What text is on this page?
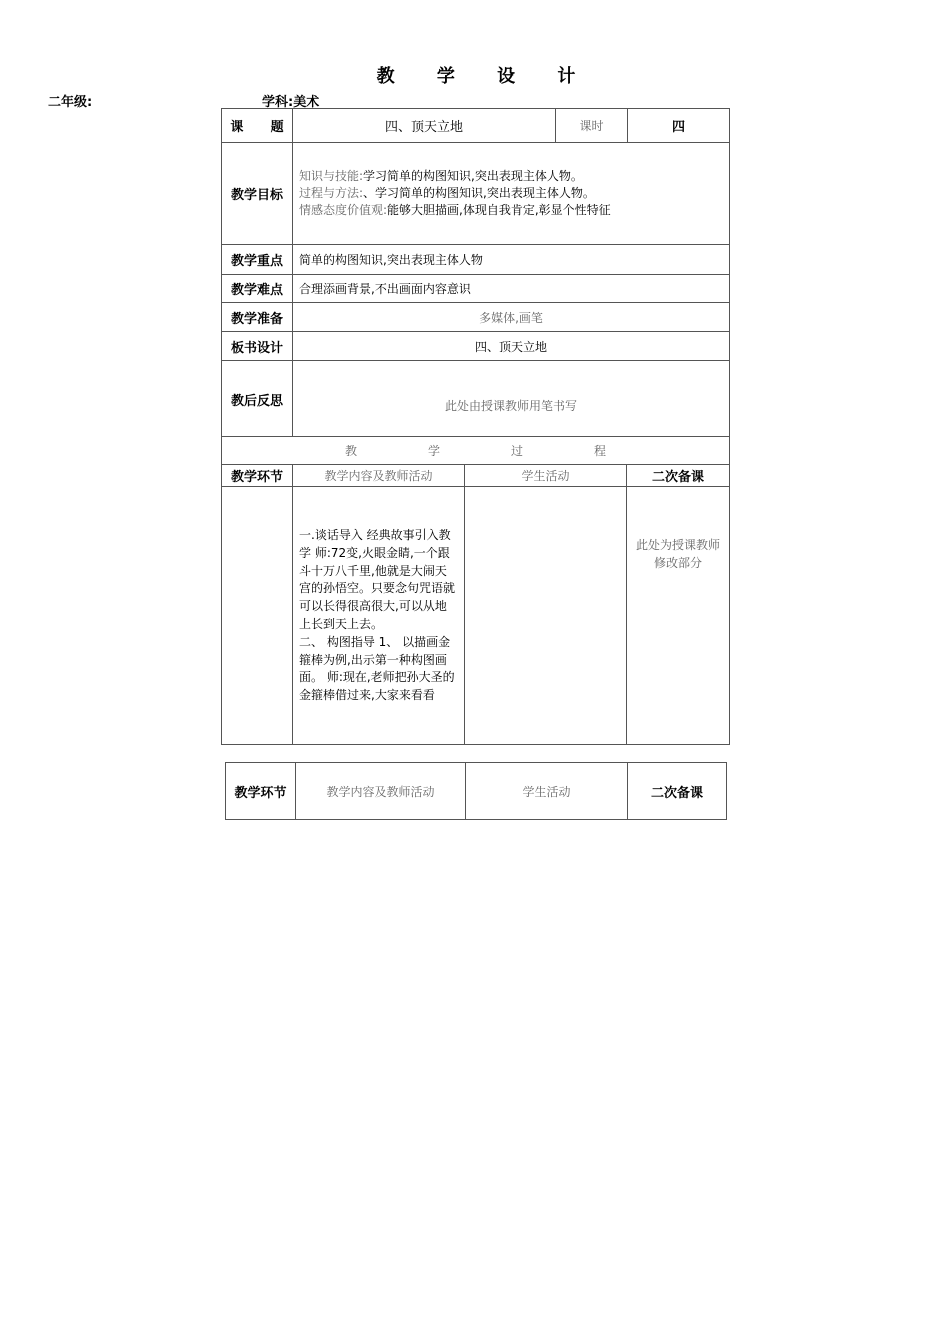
教 学 设 计
二年级:	学科:美术
课      题	四、顶天立地	课时	四
教学目标	知识与技能:学习简单的构图知识,突出表现主体人物。
过程与方法:、学习简单的构图知识,突出表现主体人物。
情感态度价值观:能够大胆描画,体现自我肯定,彰显个性特征		

教学重点	简单的构图知识,突出表现主体人物		
教学难点	合理添画背景,不出画面内容意识		
教学准备	多媒体,画笔		
板书设计	四、顶天立地		
教后反思	此处由授课教师用笔书写		
教 学 过 程			
教学环节	教学内容及教师活动	学生活动	二次备课

	一.谈话导入 经典故事引入教学 师:72变,火眼金睛,一个跟斗十万八千里,他就是大闹天宫的孙悟空。只要念句咒语就可以长得很高很大,可以从地上长到天上去。
二、 构图指导 1、 以描画金箍棒为例,出示第一种构图画面。 师:现在,老师把孙大圣的金箍棒借过来,大家来看看		此处为授课教师修改部分
教学环节	教学内容及教师活动	学生活动	二次备课
